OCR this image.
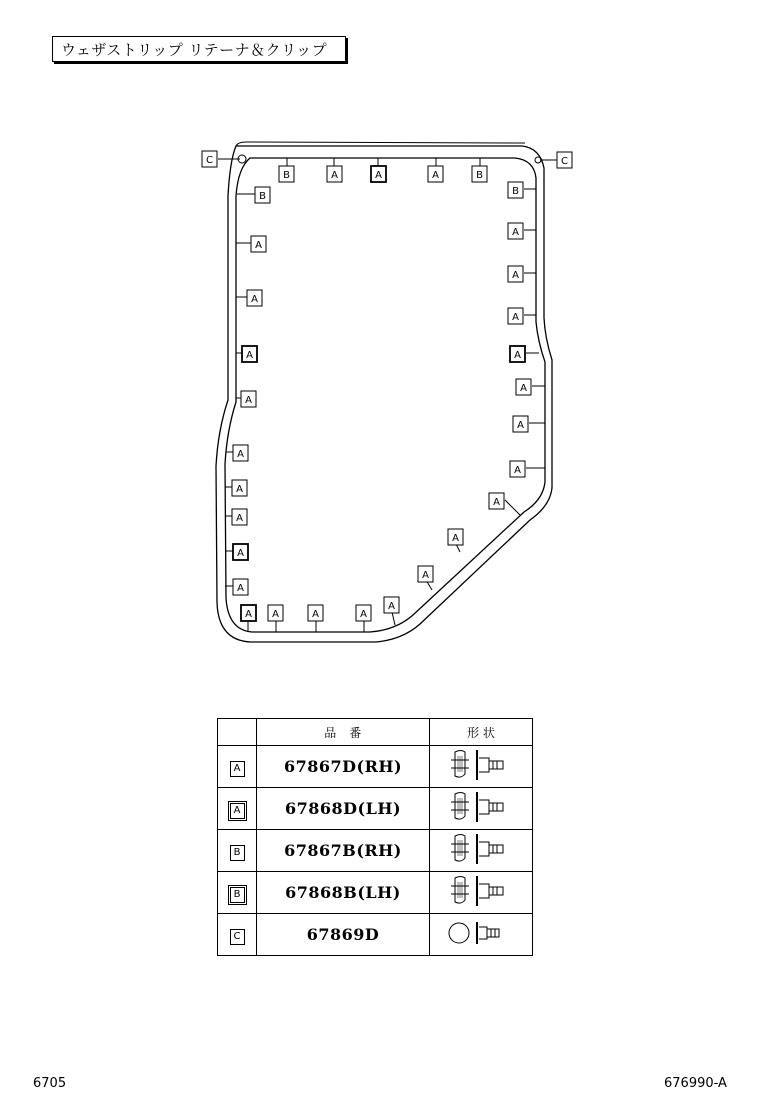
ウェザストリップ リテーナ＆クリップ
C	C
B	A	A	A	B
B	B
A
A
A
A
A
A	A
A
A
A
A
A
A
A
A
A
A
A
A
A A	A	A
A
	品　番	形 状
A	67867D(RH)	
A	67868D(LH)	
B	67867B(RH)	
B	67868B(LH)	
C	67869D	
6705	676990-A
